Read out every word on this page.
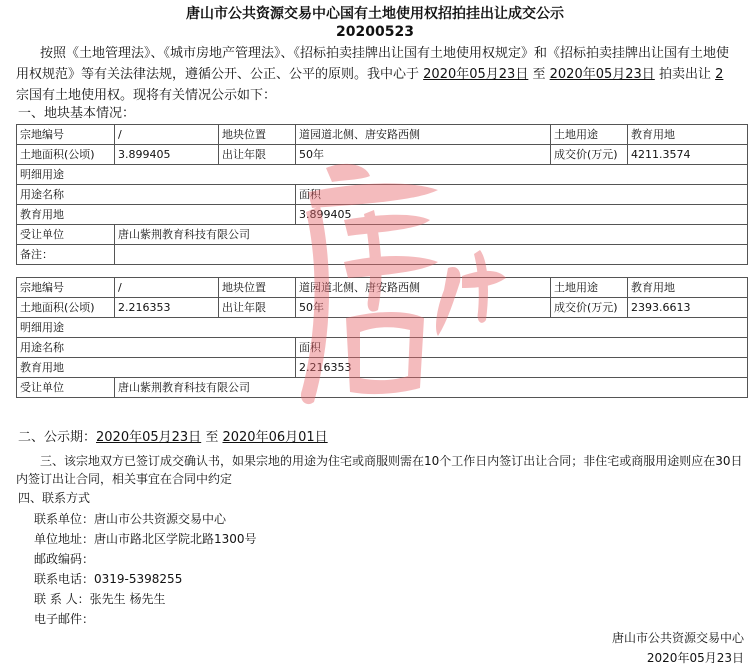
唐山市公共资源交易中心国有土地使用权招拍挂出让成交公示
20200523
按照《土地管理法》、《城市房地产管理法》、《招标拍卖挂牌出让国有土地使用权规定》和《招标拍卖挂牌出让国有土地使用权规范》等有关法律法规，遵循公开、公正、公平的原则。我中心于 2020年05月23日 至 2020年05月23日 拍卖出让 2 宗国有土地使用权。现将有关情况公示如下：
一、地块基本情况：
宗地编号	/	地块位置	道园道北侧、唐安路西侧	土地用途	教育用地
土地面积(公顷)	3.899405	出让年限	50年	成交价(万元)	4211.3574
明细用途					
用途名称			面积		
教育用地			3.899405		
受让单位	唐山紫荆教育科技有限公司				
备注：					
宗地编号	/	地块位置	道园道北侧、唐安路西侧	土地用途	教育用地
土地面积(公顷)	2.216353	出让年限	50年	成交价(万元)	2393.6613
明细用途					
用途名称			面积		
教育用地			2.216353		
受让单位	唐山紫荆教育科技有限公司				
二、公示期：2020年05月23日 至 2020年06月01日
三、该宗地双方已签订成交确认书，如果宗地的用途为住宅或商服则需在10个工作日内签订出让合同；非住宅或商服用途则应在30日内签订出让合同，相关事宜在合同中约定
四、联系方式
联系单位：唐山市公共资源交易中心
单位地址：唐山市路北区学院北路1300号
邮政编码：
联系电话：0319-5398255
联 系 人：张先生 杨先生
电子邮件：
唐山市公共资源交易中心
2020年05月23日
